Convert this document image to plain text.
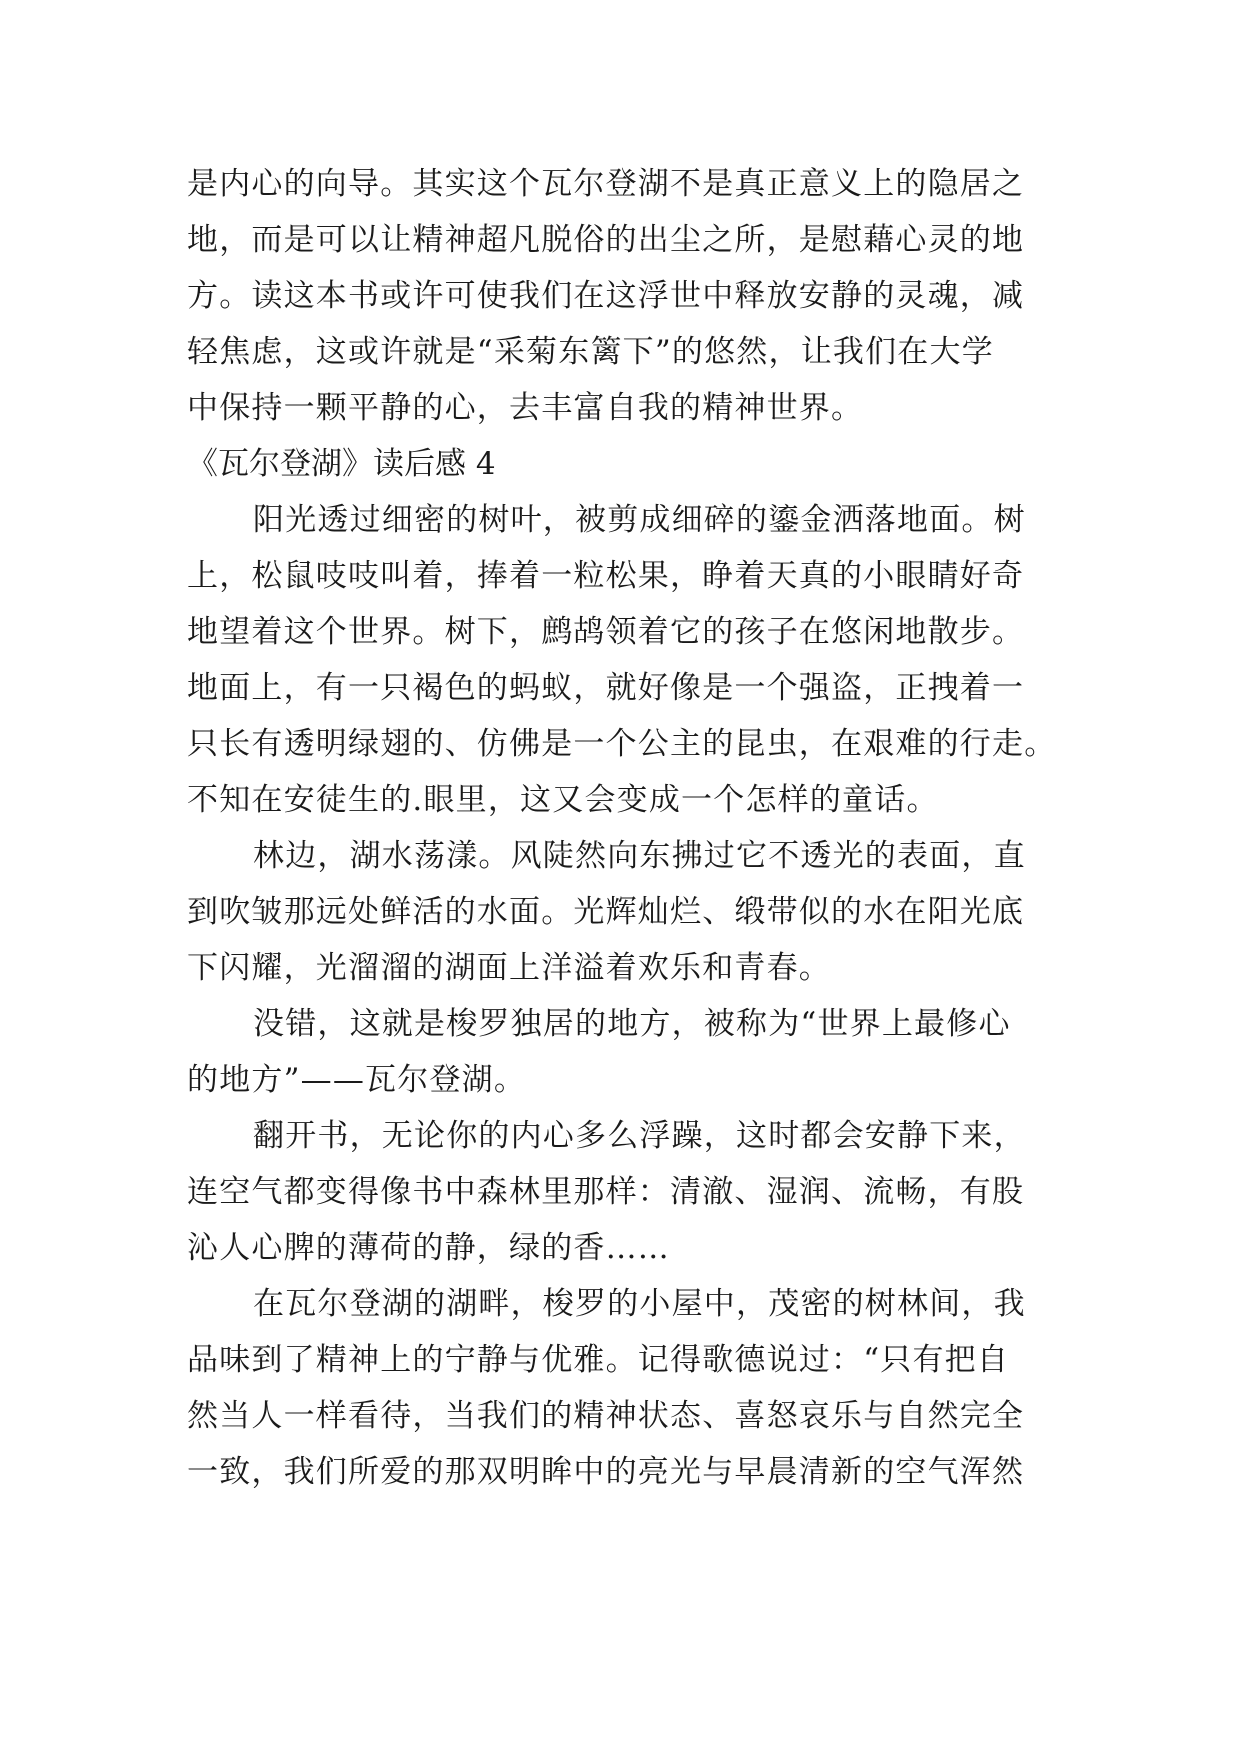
是内心的向导。其实这个瓦尔登湖不是真正意义上的隐居之
地，而是可以让精神超凡脱俗的出尘之所，是慰藉心灵的地
方。读这本书或许可使我们在这浮世中释放安静的灵魂，减
轻焦虑，这或许就是“采菊东篱下”的悠然，让我们在大学
中保持一颗平静的心，去丰富自我的精神世界。
《瓦尔登湖》读后感 4
阳光透过细密的树叶，被剪成细碎的鎏金洒落地面。树
上，松鼠吱吱叫着，捧着一粒松果，睁着天真的小眼睛好奇
地望着这个世界。树下，鹧鸪领着它的孩子在悠闲地散步。
地面上，有一只褐色的蚂蚁，就好像是一个强盗，正拽着一
只长有透明绿翅的、仿佛是一个公主的昆虫，在艰难的行走。
不知在安徒生的.眼里，这又会变成一个怎样的童话。
林边，湖水荡漾。风陡然向东拂过它不透光的表面，直
到吹皱那远处鲜活的水面。光辉灿烂、缎带似的水在阳光底
下闪耀，光溜溜的湖面上洋溢着欢乐和青春。
没错，这就是梭罗独居的地方，被称为“世界上最修心
的地方”——瓦尔登湖。
翻开书，无论你的内心多么浮躁，这时都会安静下来，
连空气都变得像书中森林里那样：清澈、湿润、流畅，有股
沁人心脾的薄荷的静，绿的香……
在瓦尔登湖的湖畔，梭罗的小屋中，茂密的树林间，我
品味到了精神上的宁静与优雅。记得歌德说过：“只有把自
然当人一样看待，当我们的精神状态、喜怒哀乐与自然完全
一致，我们所爱的那双明眸中的亮光与早晨清新的空气浑然
